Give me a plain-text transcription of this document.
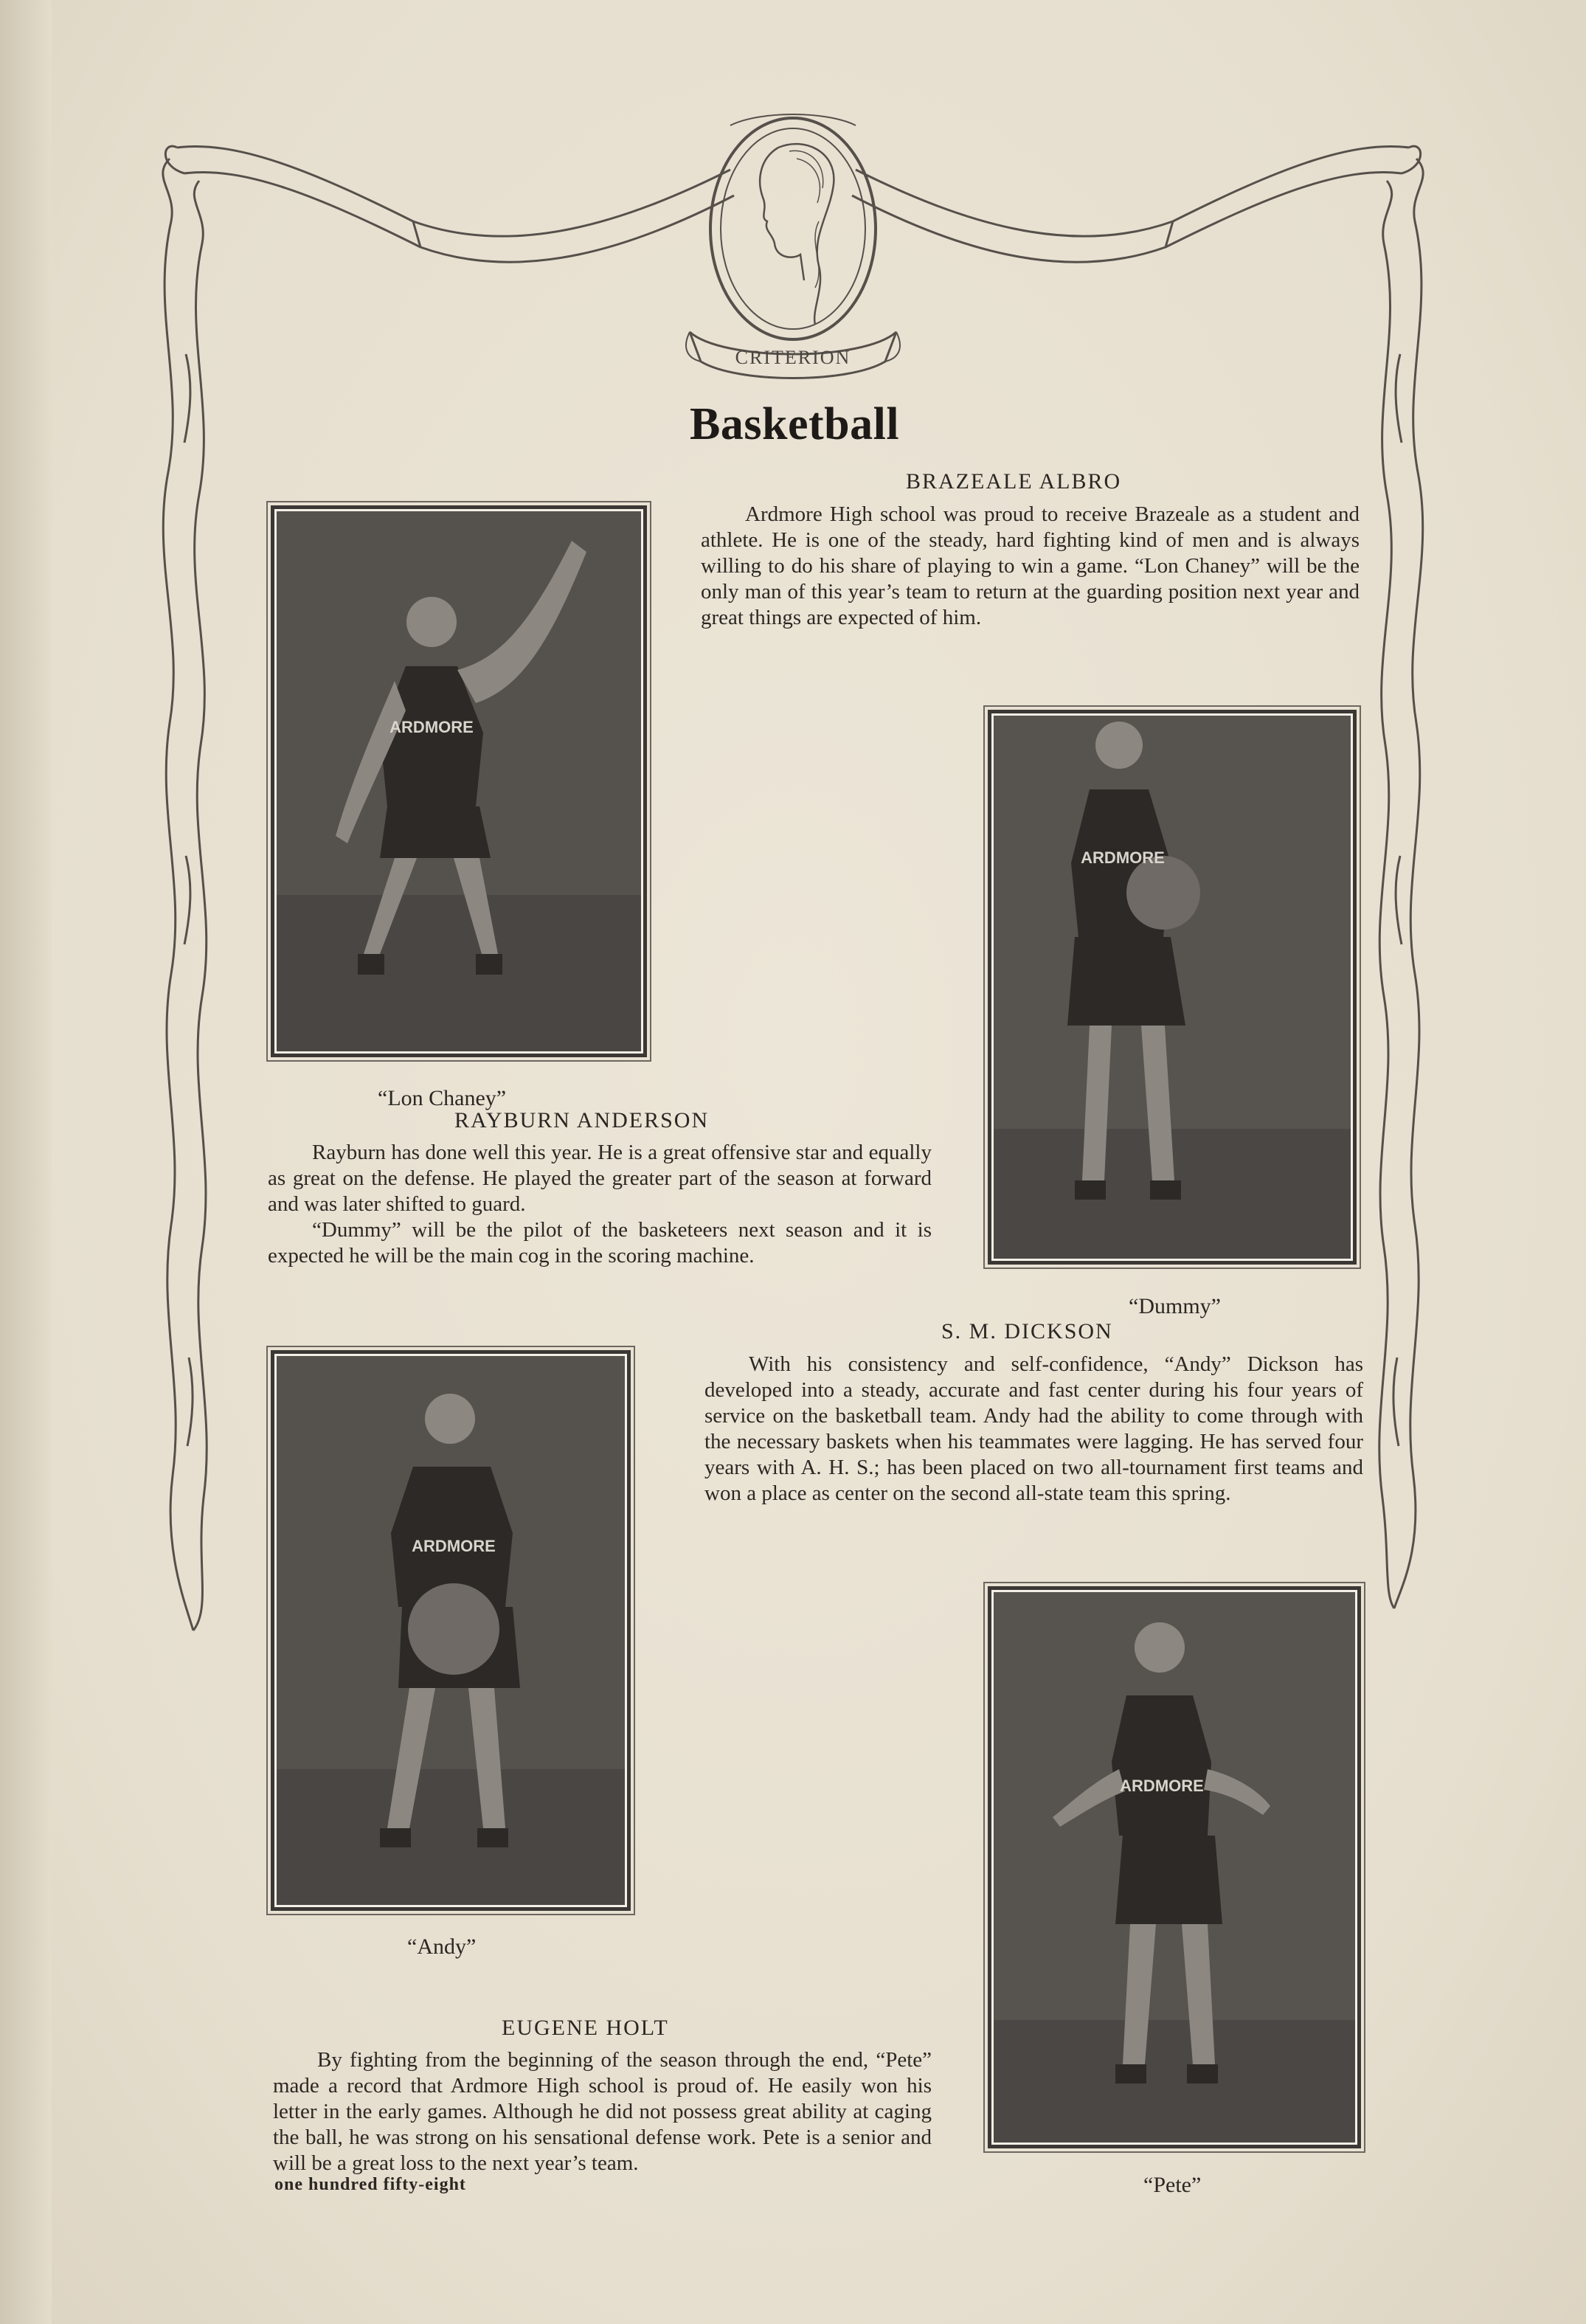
CRITERION
Basketball
BRAZEALE ALBRO

Ardmore High school was proud to receive Brazeale as a student and athlete. He is one of the steady, hard fighting kind of men and is always willing to do his share of playing to win a game. “Lon Chaney” will be the only man of this year’s team to return at the guarding position next year and great things are expected of him.

ARDMORE
“Lon Chaney”
RAYBURN ANDERSON

Rayburn has done well this year. He is a great offensive star and equally as great on the defense. He played the greater part of the season at forward and was later shifted to guard.

“Dummy” will be the pilot of the basketeers next season and it is expected he will be the main cog in the scoring machine.

ARDMORE
“Dummy”
S. M. DICKSON

With his consistency and self-confidence, “Andy” Dickson has developed into a steady, accurate and fast center during his four years of service on the basketball team. Andy had the ability to come through with the necessary baskets when his teammates were lagging. He has served four years with A. H. S.; has been placed on two all-tournament first teams and won a place as center on the second all-state team this spring.

ARDMORE
“Andy”
EUGENE HOLT

By fighting from the beginning of the season through the end, “Pete” made a record that Ardmore High school is proud of. He easily won his letter in the early games. Although he did not possess great ability at caging the ball, he was strong on his sensational defense work. Pete is a senior and will be a great loss to the next year’s team.

ARDMORE
“Pete”
one hundred fifty-eight
